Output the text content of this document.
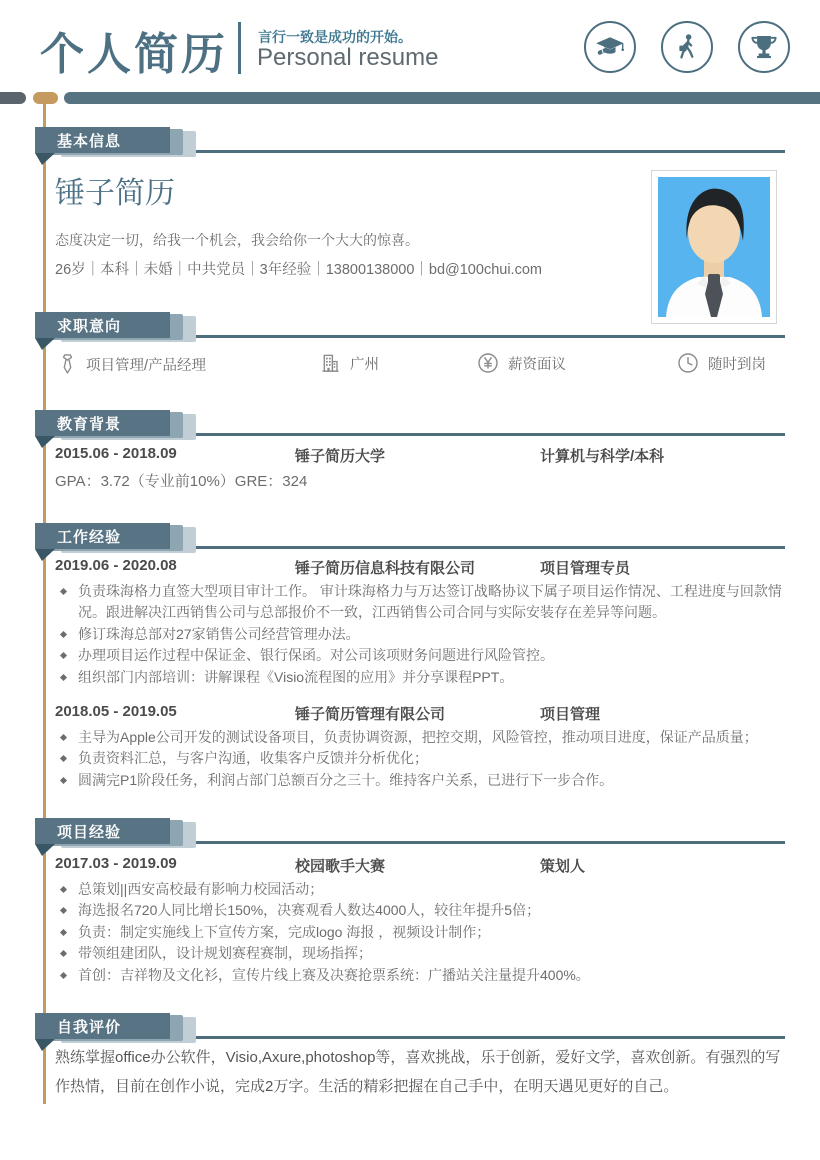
个人简历 言行一致是成功的开始。
Personal resume
基本信息
锤子简历
态度决定一切，给我一个机会，我会给你一个大大的惊喜。
26岁｜本科｜未婚｜中共党员｜3年经验｜13800138000｜bd@100chui.com
求职意向
项目管理/产品经理	广州	薪资面议	随时到岗
教育背景
2015.06 - 2018.09	锤子简历大学	计算机与科学/本科
GPA：3.72（专业前10%）GRE：324
工作经验
2019.06 - 2020.08	锤子简历信息科技有限公司	项目管理专员
负责珠海格力直签大型项目审计工作。 审计珠海格力与万达签订战略协议下属子项目运作情况、工程进度与回款情况。跟进解决江西销售公司与总部报价不一致，江西销售公司合同与实际安装存在差异等问题。
修订珠海总部对27家销售公司经营管理办法。
办理项目运作过程中保证金、银行保函。对公司该项财务问题进行风险管控。
组织部门内部培训：讲解课程《Visio流程图的应用》并分享课程PPT。
2018.05 - 2019.05	锤子简历管理有限公司	项目管理
主导为Apple公司开发的测试设备项目，负责协调资源，把控交期，风险管控，推动项目进度，保证产品质量；
负责资料汇总，与客户沟通，收集客户反馈并分析优化；
圆满完P1阶段任务，利润占部门总额百分之三十。维持客户关系，已进行下一步合作。
项目经验
2017.03 - 2019.09	校园歌手大赛	策划人
总策划||西安高校最有影响力校园活动；
海选报名720人同比增长150%，决赛观看人数达4000人，较往年提升5倍；
负责：制定实施线上下宣传方案，完成logo 海报 ，视频设计制作；
带领组建团队，设计规划赛程赛制，现场指挥；
首创：吉祥物及文化衫，宣传片线上赛及决赛抢票系统：广播站关注量提升400%。
自我评价
熟练掌握office办公软件，Visio,Axure,photoshop等，喜欢挑战，乐于创新，爱好文学，喜欢创新。有强烈的写作热情，目前在创作小说，完成2万字。生活的精彩把握在自己手中，在明天遇见更好的自己。
